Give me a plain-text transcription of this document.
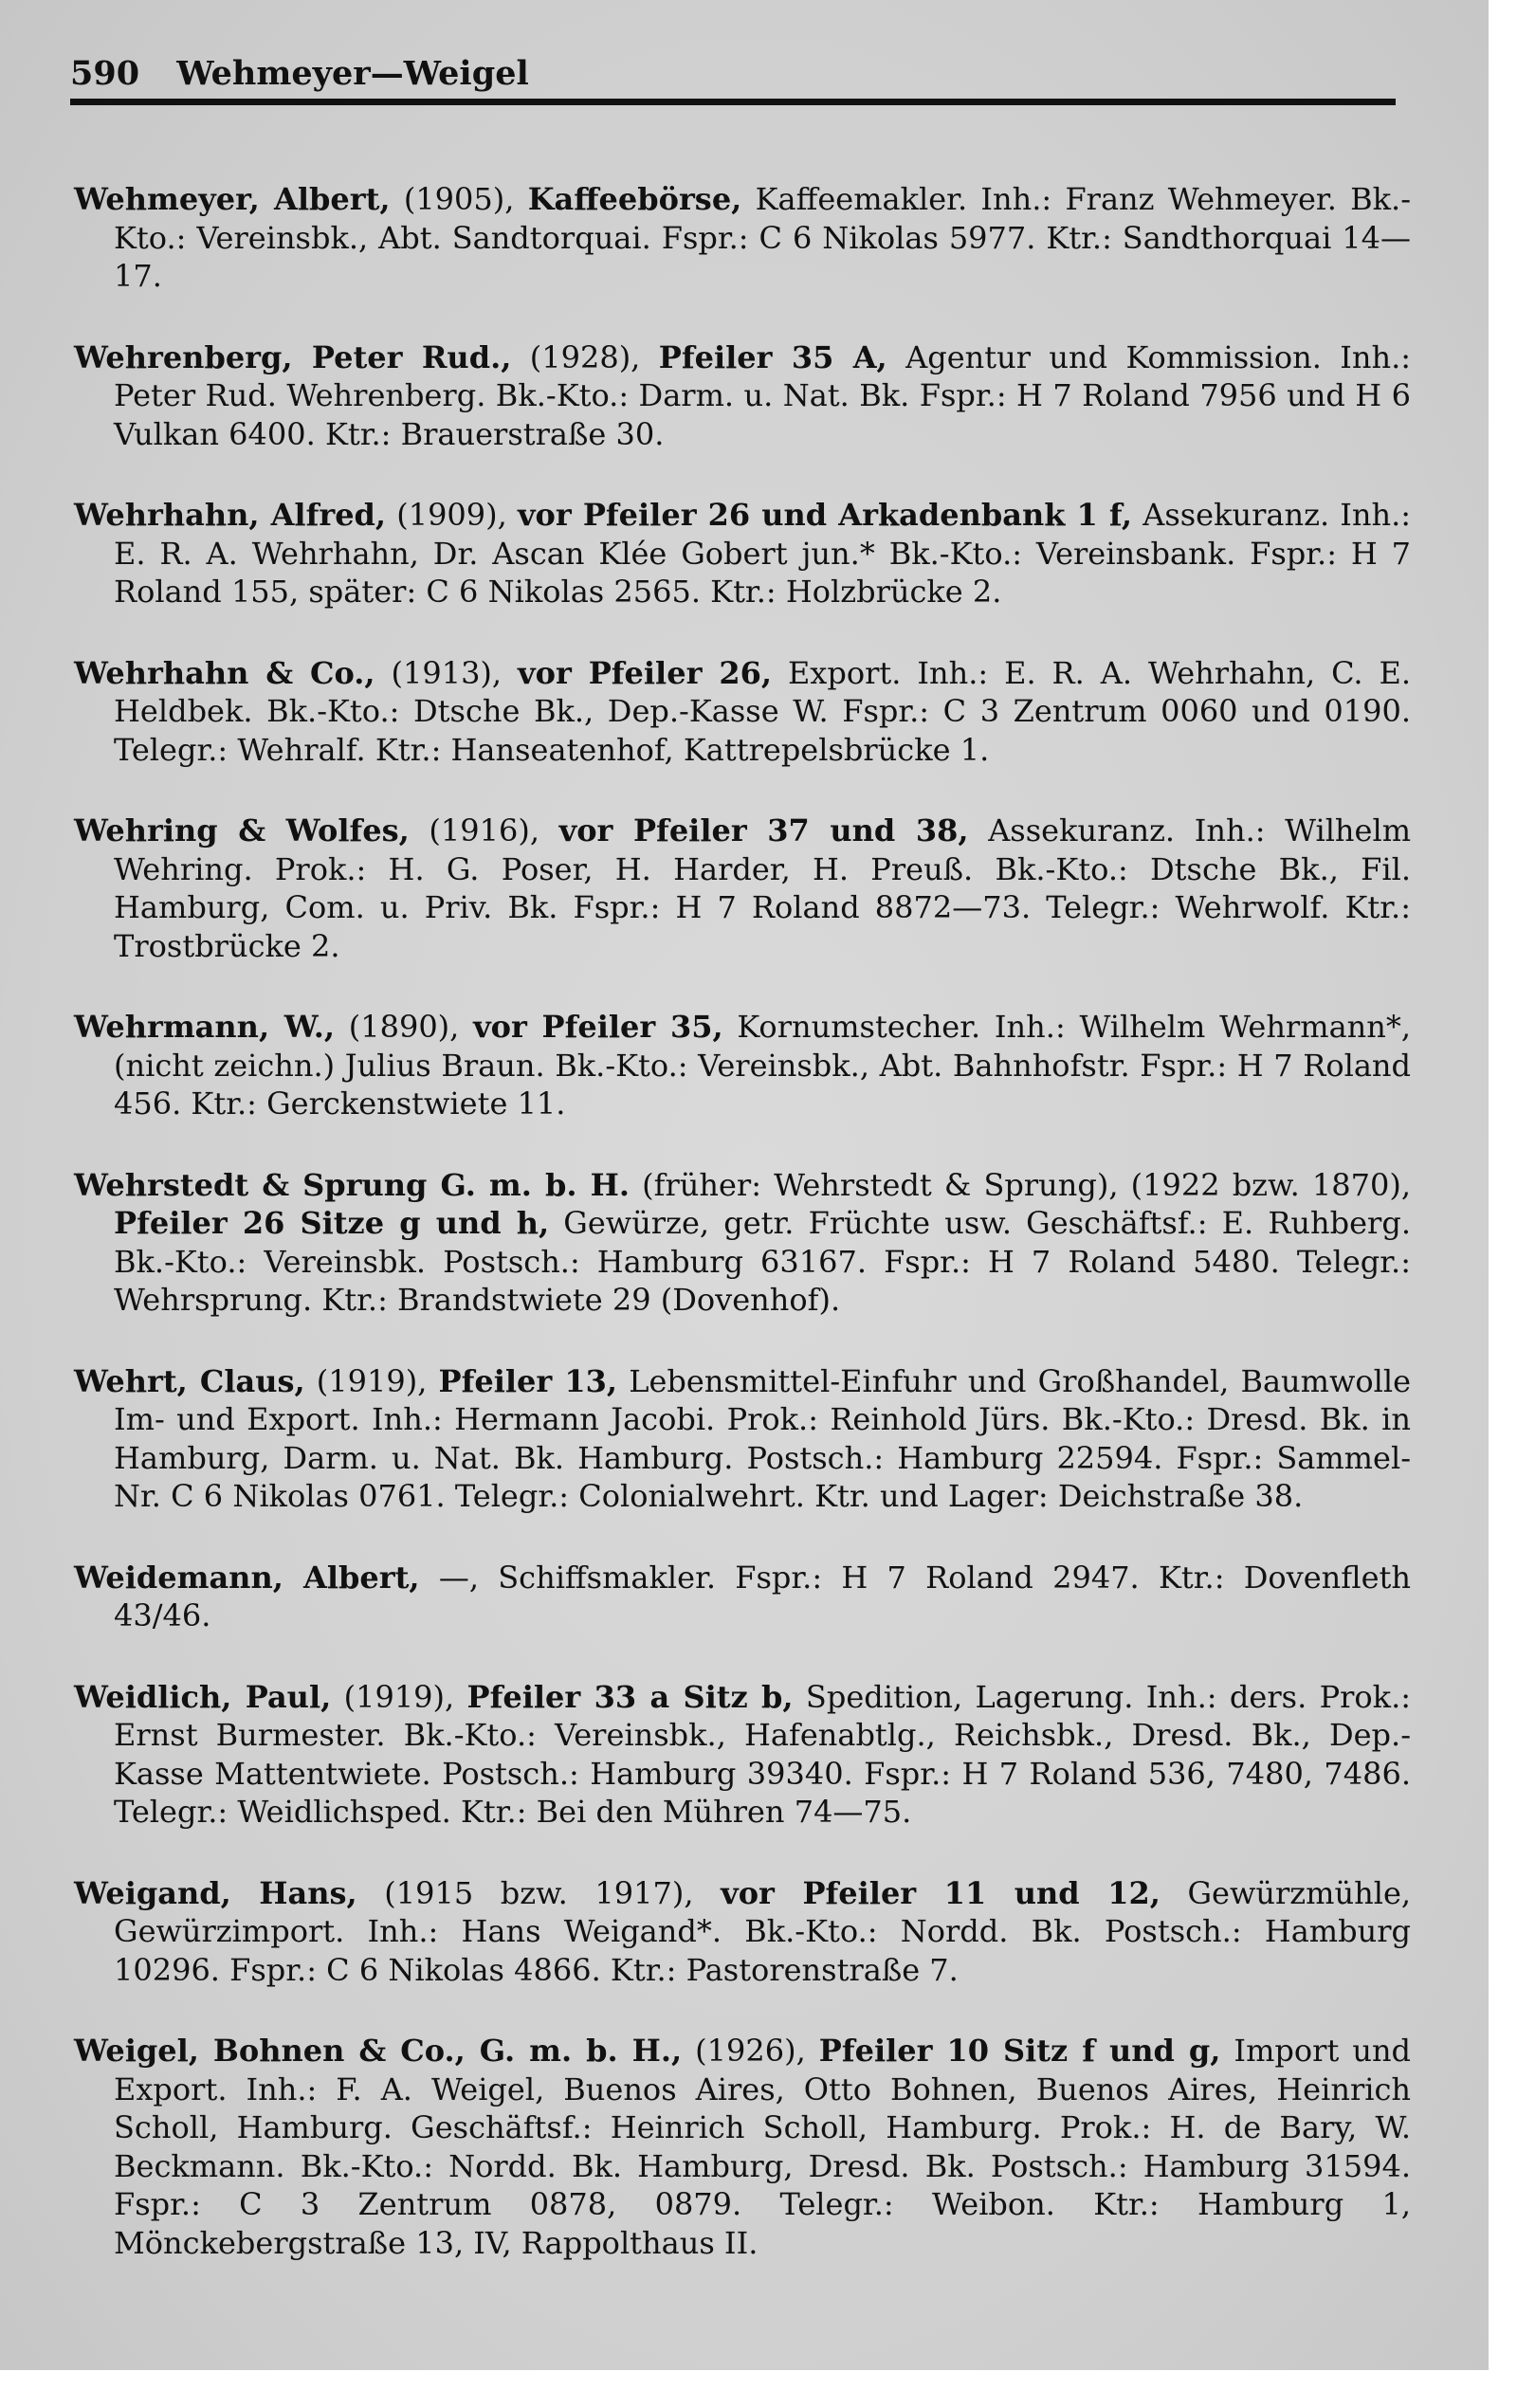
590 Wehmeyer—Weigel

Wehmeyer, Albert, (1905), Kaffeebörse, Kaffeemakler. Inh.: Franz Wehmeyer. Bk.-Kto.: Vereinsbk., Abt. Sandtorquai. Fspr.: C 6 Nikolas 5977. Ktr.: Sandthorquai 14—17.

Wehrenberg, Peter Rud., (1928), Pfeiler 35 A, Agentur und Kommission. Inh.: Peter Rud. Wehrenberg. Bk.-Kto.: Darm. u. Nat. Bk. Fspr.: H 7 Roland 7956 und H 6 Vulkan 6400. Ktr.: Brauerstraße 30.

Wehrhahn, Alfred, (1909), vor Pfeiler 26 und Arkadenbank 1 f, Assekuranz. Inh.: E. R. A. Wehrhahn, Dr. Ascan Klée Gobert jun.* Bk.-Kto.: Vereinsbank. Fspr.: H 7 Roland 155, später: C 6 Nikolas 2565. Ktr.: Holzbrücke 2.

Wehrhahn & Co., (1913), vor Pfeiler 26, Export. Inh.: E. R. A. Wehrhahn, C. E. Heldbek. Bk.-Kto.: Dtsche Bk., Dep.-Kasse W. Fspr.: C 3 Zentrum 0060 und 0190. Telegr.: Wehralf. Ktr.: Hanseatenhof, Kattrepelsbrücke 1.

Wehring & Wolfes, (1916), vor Pfeiler 37 und 38, Assekuranz. Inh.: Wilhelm Wehring. Prok.: H. G. Poser, H. Harder, H. Preuß. Bk.-Kto.: Dtsche Bk., Fil. Hamburg, Com. u. Priv. Bk. Fspr.: H 7 Roland 8872—73. Telegr.: Wehrwolf. Ktr.: Trostbrücke 2.

Wehrmann, W., (1890), vor Pfeiler 35, Kornumstecher. Inh.: Wilhelm Wehrmann*, (nicht zeichn.) Julius Braun. Bk.-Kto.: Vereinsbk., Abt. Bahnhofstr. Fspr.: H 7 Roland 456. Ktr.: Gerckenstwiete 11.

Wehrstedt & Sprung G. m. b. H. (früher: Wehrstedt & Sprung), (1922 bzw. 1870), Pfeiler 26 Sitze g und h, Gewürze, getr. Früchte usw. Geschäftsf.: E. Ruhberg. Bk.-Kto.: Vereinsbk. Postsch.: Hamburg 63167. Fspr.: H 7 Roland 5480. Telegr.: Wehrsprung. Ktr.: Brandstwiete 29 (Dovenhof).

Wehrt, Claus, (1919), Pfeiler 13, Lebensmittel-Einfuhr und Großhandel, Baumwolle Im- und Export. Inh.: Hermann Jacobi. Prok.: Reinhold Jürs. Bk.-Kto.: Dresd. Bk. in Hamburg, Darm. u. Nat. Bk. Hamburg. Postsch.: Hamburg 22594. Fspr.: Sammel-Nr. C 6 Nikolas 0761. Telegr.: Colonialwehrt. Ktr. und Lager: Deichstraße 38.

Weidemann, Albert, —, Schiffsmakler. Fspr.: H 7 Roland 2947. Ktr.: Dovenfleth 43/46.

Weidlich, Paul, (1919), Pfeiler 33 a Sitz b, Spedition, Lagerung. Inh.: ders. Prok.: Ernst Burmester. Bk.-Kto.: Vereinsbk., Hafenabtlg., Reichsbk., Dresd. Bk., Dep.-Kasse Mattentwiete. Postsch.: Hamburg 39340. Fspr.: H 7 Roland 536, 7480, 7486. Telegr.: Weidlichsped. Ktr.: Bei den Mühren 74—75.

Weigand, Hans, (1915 bzw. 1917), vor Pfeiler 11 und 12, Gewürzmühle, Gewürzimport. Inh.: Hans Weigand*. Bk.-Kto.: Nordd. Bk. Postsch.: Hamburg 10296. Fspr.: C 6 Nikolas 4866. Ktr.: Pastorenstraße 7.

Weigel, Bohnen & Co., G. m. b. H., (1926), Pfeiler 10 Sitz f und g, Import und Export. Inh.: F. A. Weigel, Buenos Aires, Otto Bohnen, Buenos Aires, Heinrich Scholl, Hamburg. Geschäftsf.: Heinrich Scholl, Hamburg. Prok.: H. de Bary, W. Beckmann. Bk.-Kto.: Nordd. Bk. Hamburg, Dresd. Bk. Postsch.: Hamburg 31594. Fspr.: C 3 Zentrum 0878, 0879. Telegr.: Weibon. Ktr.: Hamburg 1, Mönckebergstraße 13, IV, Rappolthaus II.
